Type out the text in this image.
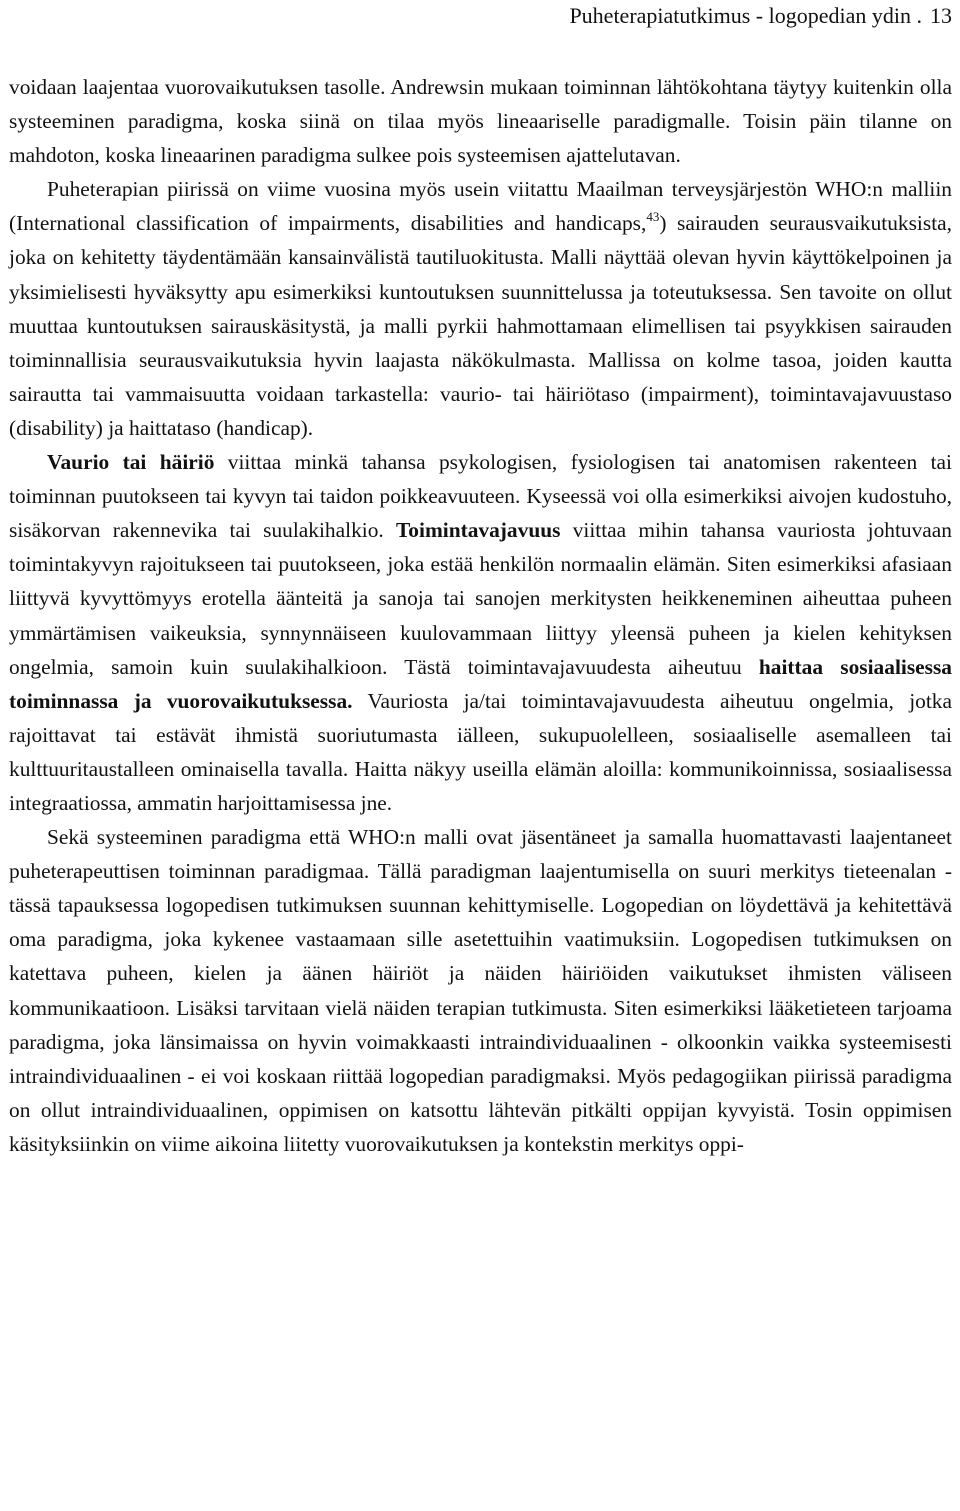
Puheterapiatutkimus - logopedian ydin . 13

voidaan laajentaa vuorovaikutuksen tasolle. Andrewsin mukaan toiminnan lähtökohtana täytyy kuitenkin olla systeeminen paradigma, koska siinä on tilaa myös lineaariselle paradigmalle. Toisin päin tilanne on mahdoton, koska lineaarinen paradigma sulkee pois systeemisen ajattelutavan.

Puheterapian piirissä on viime vuosina myös usein viitattu Maailman terveysjärjestön WHO:n malliin (International classification of impairments, disabilities and handicaps,$^{43}$) sairauden seurausvaikutuksista, joka on kehitetty täydentämään kansainvälistä tautiluokitusta. Malli näyttää olevan hyvin käyttökelpoinen ja yksimielisesti hyväksytty apu esimerkiksi kuntoutuksen suunnittelussa ja toteutuksessa. Sen tavoite on ollut muuttaa kuntoutuksen sairauskäsitystä, ja malli pyrkii hahmottamaan elimellisen tai psyykkisen sairauden toiminnallisia seurausvaikutuksia hyvin laajasta näkökulmasta. Mallissa on kolme tasoa, joiden kautta sairautta tai vammaisuutta voidaan tarkastella: vaurio- tai häiriötaso (impairment), toimintavajavuustaso (disability) ja haittataso (handicap).

Vaurio tai häiriö viittaa minkä tahansa psykologisen, fysiologisen tai anatomisen rakenteen tai toiminnan puutokseen tai kyvyn tai taidon poikkeavuuteen. Kyseessä voi olla esimerkiksi aivojen kudostuho, sisäkorvan rakennevika tai suulakihalkio. Toimintavajavuus viittaa mihin tahansa vauriosta johtuvaan toimintakyvyn rajoitukseen tai puutokseen, joka estää henkilön normaalin elämän. Siten esimerkiksi afasiaan liittyvä kyvyttömyys erotella äänteitä ja sanoja tai sanojen merkitysten heikkeneminen aiheuttaa puheen ymmärtämisen vaikeuksia, synnynnäiseen kuulovammaan liittyy yleensä puheen ja kielen kehityksen ongelmia, samoin kuin suulakihalkioon. Tästä toimintavajavuudesta aiheutuu haittaa sosiaalisessa toiminnassa ja vuorovaikutuksessa. Vauriosta ja/tai toimintavajavuudesta aiheutuu ongelmia, jotka rajoittavat tai estävät ihmistä suoriutumasta iälleen, sukupuolelleen, sosiaaliselle asemalleen tai kulttuuritaustalleen ominaisella tavalla. Haitta näkyy useilla elämän aloilla: kommunikoinnissa, sosiaalisessa integraatiossa, ammatin harjoittamisessa jne.

Sekä systeeminen paradigma että WHO:n malli ovat jäsentäneet ja samalla huomattavasti laajentaneet puheterapeuttisen toiminnan paradigmaa. Tällä paradigman laajentumisella on suuri merkitys tieteenalan - tässä tapauksessa logopedisen tutkimuksen suunnan kehittymiselle. Logopedian on löydettävä ja kehitettävä oma paradigma, joka kykenee vastaamaan sille asetettuihin vaatimuksiin. Logopedisen tutkimuksen on katettava puheen, kielen ja äänen häiriöt ja näiden häiriöiden vaikutukset ihmisten väliseen kommunikaatioon. Lisäksi tarvitaan vielä näiden terapian tutkimusta. Siten esimerkiksi lääketieteen tarjoama paradigma, joka länsimaissa on hyvin voimakkaasti intraindividuaalinen - olkoonkin vaikka systeemisesti intraindividuaalinen - ei voi koskaan riittää logopedian paradigmaksi. Myös pedagogiikan piirissä paradigma on ollut intraindividuaalinen, oppimisen on katsottu lähtevän pitkälti oppijan kyvyistä. Tosin oppimisen käsityksiinkin on viime aikoina liitetty vuorovaikutuksen ja kontekstin merkitys oppi-
